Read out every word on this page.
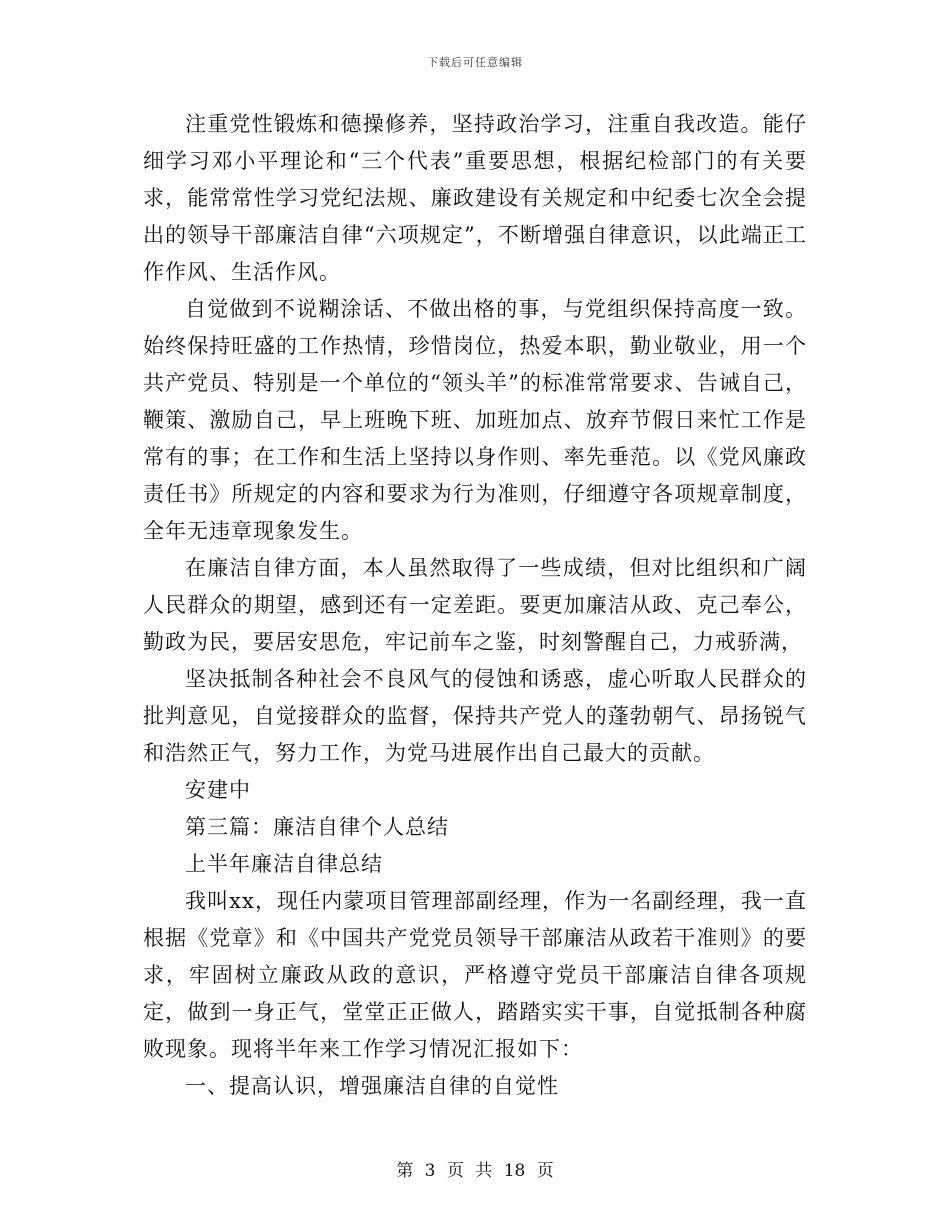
下载后可任意编辑

注重党性锻炼和德操修养，坚持政治学习，注重自我改造。能仔细学习邓小平理论和“三个代表”重要思想，根据纪检部门的有关要求，能常常性学习党纪法规、廉政建设有关规定和中纪委七次全会提出的领导干部廉洁自律“六项规定”，不断增强自律意识，以此端正工作作风、生活作风。

自觉做到不说糊涂话、不做出格的事，与党组织保持高度一致。始终保持旺盛的工作热情，珍惜岗位，热爱本职，勤业敬业，用一个共产党员、特别是一个单位的“领头羊”的标准常常要求、告诫自己，鞭策、激励自己，早上班晚下班、加班加点、放弃节假日来忙工作是常有的事；在工作和生活上坚持以身作则、率先垂范。以《党风廉政责任书》所规定的内容和要求为行为准则，仔细遵守各项规章制度，全年无违章现象发生。

在廉洁自律方面，本人虽然取得了一些成绩，但对比组织和广阔人民群众的期望，感到还有一定差距。要更加廉洁从政、克己奉公，勤政为民，要居安思危，牢记前车之鉴，时刻警醒自己，力戒骄满，

坚决抵制各种社会不良风气的侵蚀和诱惑，虚心听取人民群众的批判意见，自觉接群众的监督，保持共产党人的蓬勃朝气、昂扬锐气和浩然正气，努力工作，为党马进展作出自己最大的贡献。

安建中

第三篇：廉洁自律个人总结

上半年廉洁自律总结

我叫xx，现任内蒙项目管理部副经理，作为一名副经理，我一直根据《党章》和《中国共产党党员领导干部廉洁从政若干准则》的要求，牢固树立廉政从政的意识，严格遵守党员干部廉洁自律各项规定，做到一身正气，堂堂正正做人，踏踏实实干事，自觉抵制各种腐败现象。现将半年来工作学习情况汇报如下：

一、提高认识，增强廉洁自律的自觉性

第 3 页 共 18 页
